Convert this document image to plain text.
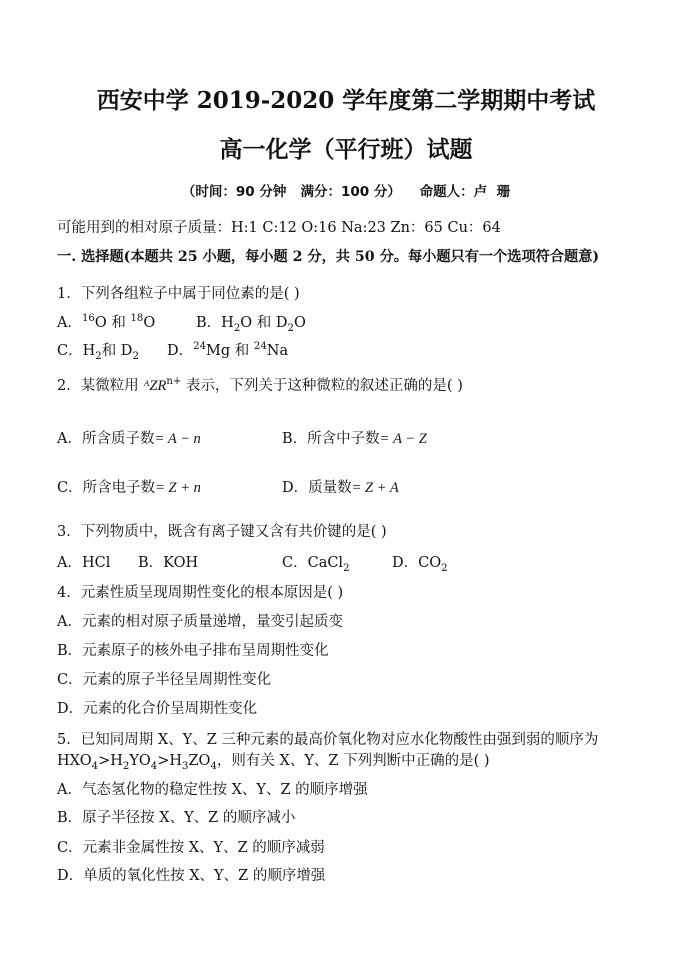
西安中学 2019-2020 学年度第二学期期中考试
高一化学（平行班）试题
（时间：90 分钟   满分：100 分）    命题人：卢  珊
可能用到的相对原子质量：H:1 C:12 O:16 Na:23 Zn：65 Cu：64
一. 选择题(本题共 25 小题，每小题 2 分，共 50 分。每小题只有一个选项符合题意)
1．下列各组粒子中属于同位素的是( )
A．$^{16}$O 和 $^{18}$O	B．$H_2O$ 和 $D_2O$
C．$H_2$和 $D_2$ D．$^{24}$Mg 和 $^{24}$Na
2．某微粒用 ᴬZR$^{n+}$ 表示，下列关于这种微粒的叙述正确的是( )
A．所含质子数= A − n	B．所含中子数= A − Z
C．所含电子数= Z + n	D．质量数= Z + A
3．下列物质中，既含有离子键又含有共价键的是( )
A．HCl B．KOH	C．CaCl$_2$	D．$CO_2$
4．元素性质呈现周期性变化的根本原因是( )
A．元素的相对原子质量递增，量变引起质变
B．元素原子的核外电子排布呈周期性变化
C．元素的原子半径呈周期性变化
D．元素的化合价呈周期性变化
5．已知同周期 X、Y、Z 三种元素的最高价氧化物对应水化物酸性由强到弱的顺序为
$HXO_4>H_2YO_4>H_3ZO_4$，则有关 X、Y、Z 下列判断中正确的是( )
A．气态氢化物的稳定性按 X、Y、Z 的顺序增强
B．原子半径按 X、Y、Z 的顺序减小
C．元素非金属性按 X、Y、Z 的顺序减弱
D．单质的氧化性按 X、Y、Z 的顺序增强
